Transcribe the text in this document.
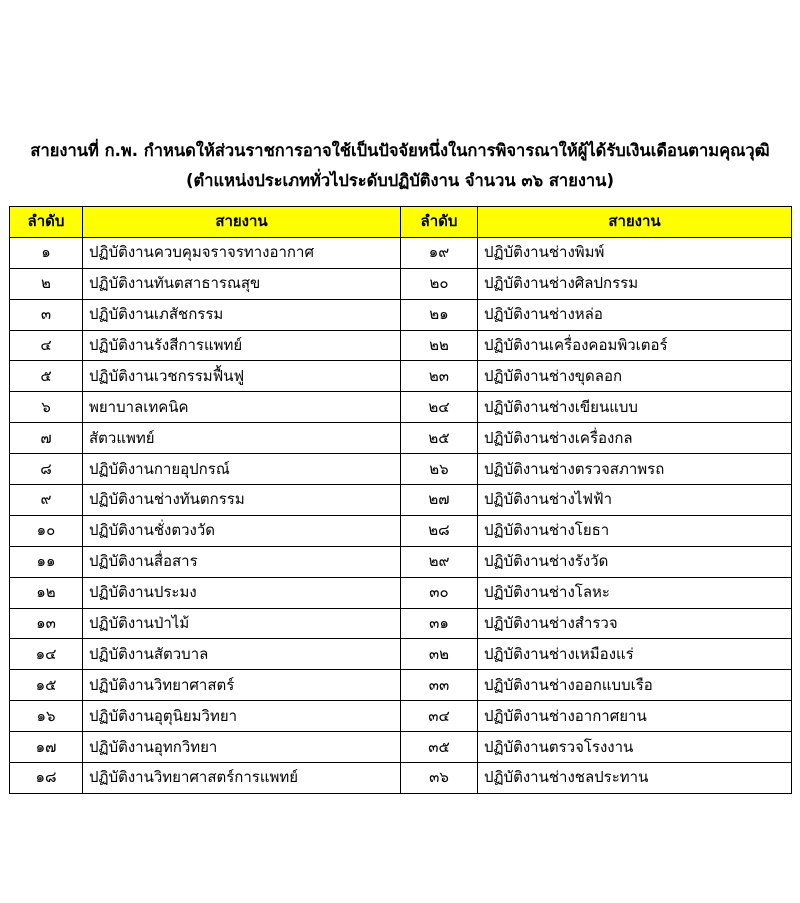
สายงานที่ ก.พ. กำหนดให้ส่วนราชการอาจใช้เป็นปัจจัยหนึ่งในการพิจารณาให้ผู้ได้รับเงินเดือนตามคุณวุฒิ
(ตำแหน่งประเภททั่วไประดับปฏิบัติงาน จำนวน ๓๖ สายงาน)
ลำดับ	สายงาน	ลำดับ	สายงาน
๑	ปฏิบัติงานควบคุมจราจรทางอากาศ	๑๙	ปฏิบัติงานช่างพิมพ์
๒	ปฏิบัติงานทันตสาธารณสุข	๒๐	ปฏิบัติงานช่างศิลปกรรม
๓	ปฏิบัติงานเภสัชกรรม	๒๑	ปฏิบัติงานช่างหล่อ
๔	ปฏิบัติงานรังสีการแพทย์	๒๒	ปฏิบัติงานเครื่องคอมพิวเตอร์
๕	ปฏิบัติงานเวชกรรมฟื้นฟู	๒๓	ปฏิบัติงานช่างขุดลอก
๖	พยาบาลเทคนิค	๒๔	ปฏิบัติงานช่างเขียนแบบ
๗	สัตวแพทย์	๒๕	ปฏิบัติงานช่างเครื่องกล
๘	ปฏิบัติงานกายอุปกรณ์	๒๖	ปฏิบัติงานช่างตรวจสภาพรถ
๙	ปฏิบัติงานช่างทันตกรรม	๒๗	ปฏิบัติงานช่างไฟฟ้า
๑๐	ปฏิบัติงานชั่งตวงวัด	๒๘	ปฏิบัติงานช่างโยธา
๑๑	ปฏิบัติงานสื่อสาร	๒๙	ปฏิบัติงานช่างรังวัด
๑๒	ปฏิบัติงานประมง	๓๐	ปฏิบัติงานช่างโลหะ
๑๓	ปฏิบัติงานป่าไม้	๓๑	ปฏิบัติงานช่างสำรวจ
๑๔	ปฏิบัติงานสัตวบาล	๓๒	ปฏิบัติงานช่างเหมืองแร่
๑๕	ปฏิบัติงานวิทยาศาสตร์	๓๓	ปฏิบัติงานช่างออกแบบเรือ
๑๖	ปฏิบัติงานอุตุนิยมวิทยา	๓๔	ปฏิบัติงานช่างอากาศยาน
๑๗	ปฏิบัติงานอุทกวิทยา	๓๕	ปฏิบัติงานตรวจโรงงาน
๑๘	ปฏิบัติงานวิทยาศาสตร์การแพทย์	๓๖	ปฏิบัติงานช่างชลประทาน
